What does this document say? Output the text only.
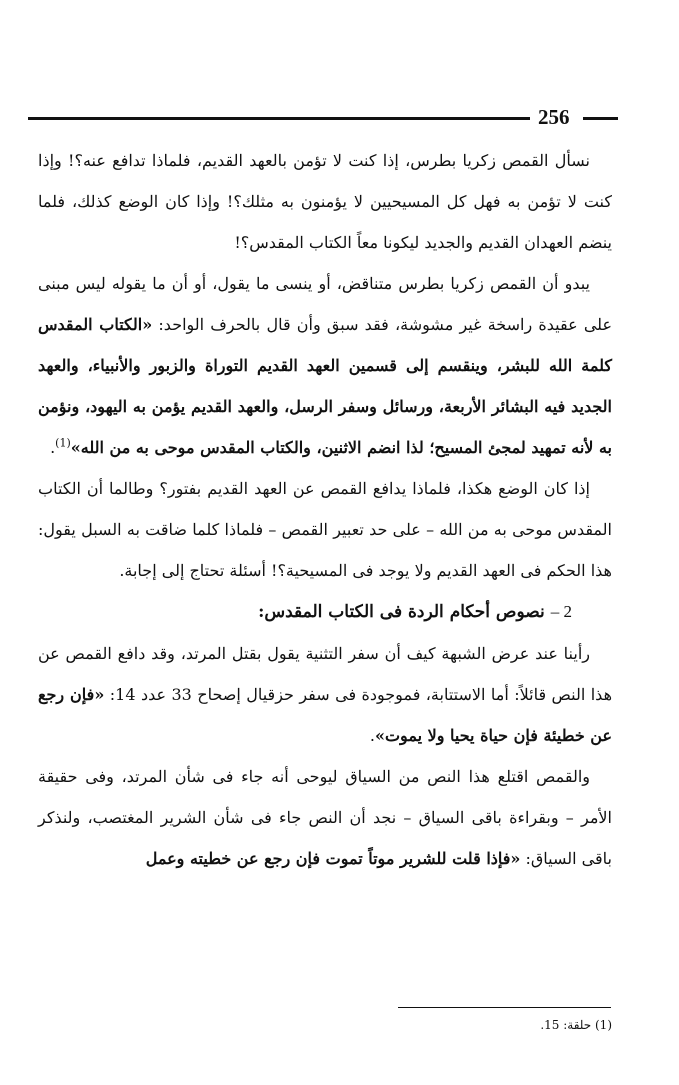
256

نسأل القمص زكريا بطرس، إذا كنت لا تؤمن بالعهد القديم، فلماذا تدافع عنه؟! وإذا كنت لا تؤمن به فهل كل المسيحيين لا يؤمنون به مثلك؟! وإذا كان الوضع كذلك، فلما ينضم العهدان القديم والجديد ليكونا معاً الكتاب المقدس؟!

يبدو أن القمص زكريا بطرس متناقض، أو ينسى ما يقول، أو أن ما يقوله ليس مبنى على عقيدة راسخة غير مشوشة، فقد سبق وأن قال بالحرف الواحد: «الكتاب المقدس كلمة الله للبشر، وينقسم إلى قسمين العهد القديم التوراة والزبور والأنبياء، والعهد الجديد فيه البشائر الأربعة، ورسائل وسفر الرسل، والعهد القديم يؤمن به اليهود، ونؤمن به لأنه تمهيد لمجئ المسيح؛ لذا انضم الاثنين، والكتاب المقدس موحى به من الله»$^{(1)}$.

إذا كان الوضع هكذا، فلماذا يدافع القمص عن العهد القديم بفتور؟ وطالما أن الكتاب المقدس موحى به من الله – على حد تعبير القمص – فلماذا كلما ضاقت به السبل يقول: هذا الحكم فى العهد القديم ولا يوجد فى المسيحية؟! أسئلة تحتاج إلى إجابة.

2 –نصوص أحكام الردة فى الكتاب المقدس:

رأينا عند عرض الشبهة كيف أن سفر التثنية يقول بقتل المرتد، وقد دافع القمص عن هذا النص قائلاً: أما الاستتابة، فموجودة فى سفر حزقيال إصحاح 33 عدد 14: «فإن رجع عن خطيئة فإن حياة يحيا ولا يموت».

والقمص اقتلع هذا النص من السياق ليوحى أنه جاء فى شأن المرتد، وفى حقيقة الأمر – وبقراءة باقى السياق – نجد أن النص جاء فى شأن الشرير المغتصب، ولنذكر باقى السياق: «فإذا قلت للشرير موتاً تموت فإن رجع عن خطيته وعمل

(1) حلقة: 15.
